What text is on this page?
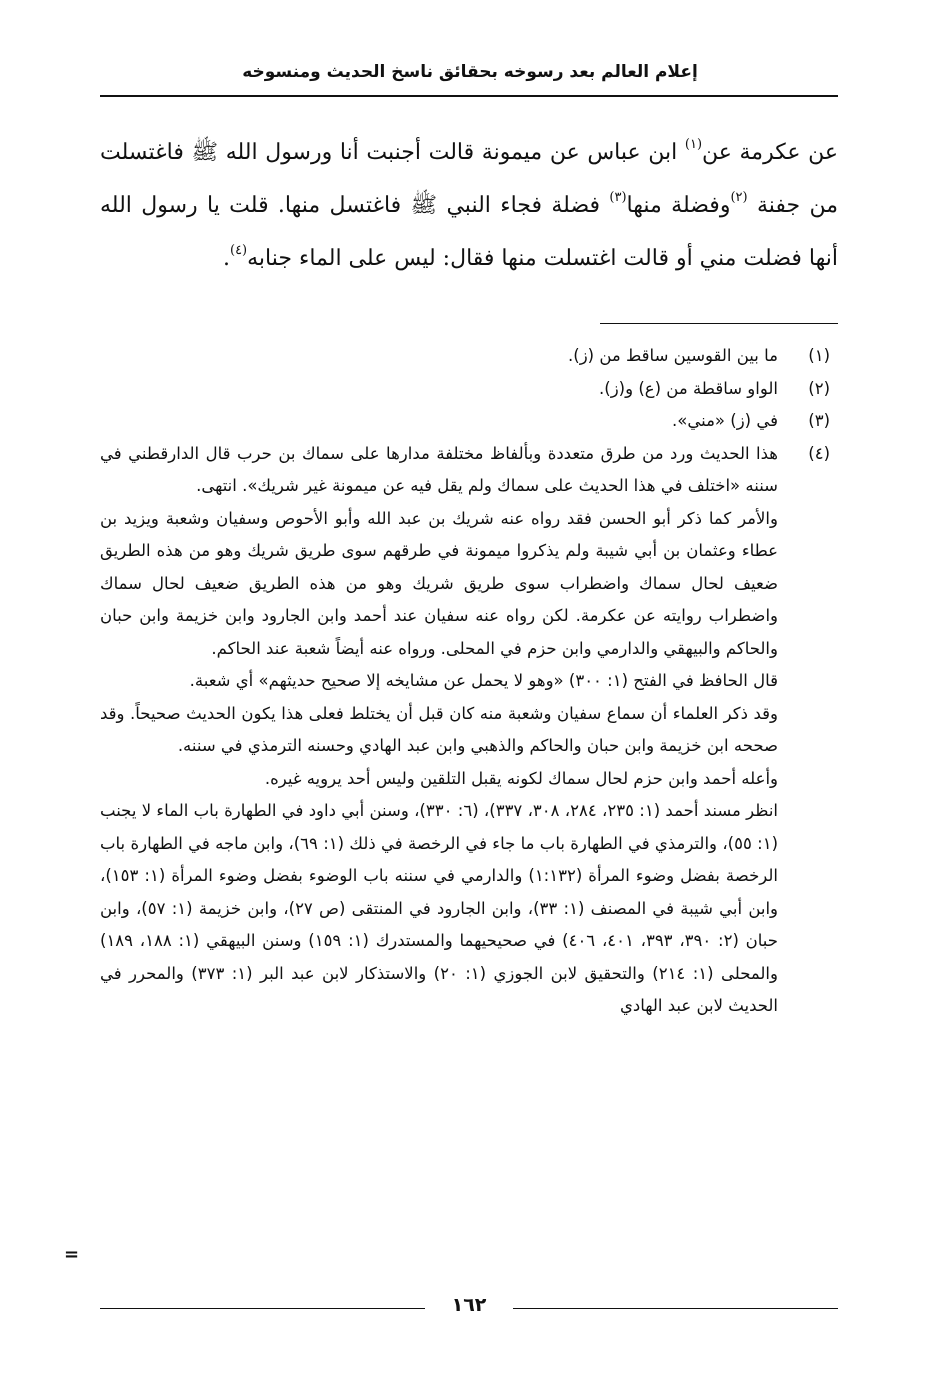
إعلام العالم بعد رسوخه بحقائق ناسخ الحديث ومنسوخه

عن عكرمة عن$^{(١)}$ ابن عباس عن ميمونة قالت أجنبت أنا ورسول الله ﷺ فاغتسلت من جفنة $^{(٢)}$وفضلة منها$^{(٣)}$ فضلة فجاء النبي ﷺ فاغتسل منها. قلت يا رسول الله أنها فضلت مني أو قالت اغتسلت منها فقال: ليس على الماء جنابه$^{(٤)}$.

(١)

ما بين القوسين ساقط من (ز).

(٢)

الواو ساقطة من (ع) و(ز).

(٣)

في (ز) «مني».

(٤)

هذا الحديث ورد من طرق متعددة وبألفاظ مختلفة مدارها على سماك بن حرب قال الدارقطني في سننه «اختلف في هذا الحديث على سماك ولم يقل فيه عن ميمونة غير شريك». انتهى.

والأمر كما ذكر أبو الحسن فقد رواه عنه شريك بن عبد الله وأبو الأحوص وسفيان وشعبة ويزيد بن عطاء وعثمان بن أبي شيبة ولم يذكروا ميمونة في طرقهم سوى طريق شريك وهو من هذه الطريق ضعيف لحال سماك واضطراب سوى طريق شريك وهو من هذه الطريق ضعيف لحال سماك واضطراب روايته عن عكرمة. لكن رواه عنه سفيان عند أحمد وابن الجارود وابن خزيمة وابن حبان والحاكم والبيهقي والدارمي وابن حزم في المحلى. ورواه عنه أيضاً شعبة عند الحاكم.

قال الحافظ في الفتح (١: ٣٠٠) «وهو لا يحمل عن مشايخه إلا صحيح حديثهم» أي شعبة.

وقد ذكر العلماء أن سماع سفيان وشعبة منه كان قبل أن يختلط فعلى هذا يكون الحديث صحيحاً. وقد صححه ابن خزيمة وابن حبان والحاكم والذهبي وابن عبد الهادي وحسنه الترمذي في سننه.

وأعله أحمد وابن حزم لحال سماك لكونه يقبل التلقين وليس أحد يرويه غيره.

انظر مسند أحمد (١: ٢٣٥، ٢٨٤، ٣٠٨، ٣٣٧)، (٦: ٣٣٠)، وسنن أبي داود في الطهارة باب الماء لا يجنب (١: ٥٥)، والترمذي في الطهارة باب ما جاء في الرخصة في ذلك (١: ٦٩)، وابن ماجه في الطهارة باب الرخصة بفضل وضوء المرأة (١:١٣٢) والدارمي في سننه باب الوضوء بفضل وضوء المرأة (١: ١٥٣)، وابن أبي شيبة في المصنف (١: ٣٣)، وابن الجارود في المنتقى (ص ٢٧)، وابن خزيمة (١: ٥٧)، وابن حبان (٢: ٣٩٠، ٣٩٣، ٤٠١، ٤٠٦) في صحيحيهما والمستدرك (١: ١٥٩) وسنن البيهقي (١: ١٨٨، ١٨٩) والمحلى (١: ٢١٤) والتحقيق لابن الجوزي (١: ٢٠) والاستذكار لابن عبد البر (١: ٣٧٣) والمحرر في الحديث لابن عبد الهادي

=
١٦٢
